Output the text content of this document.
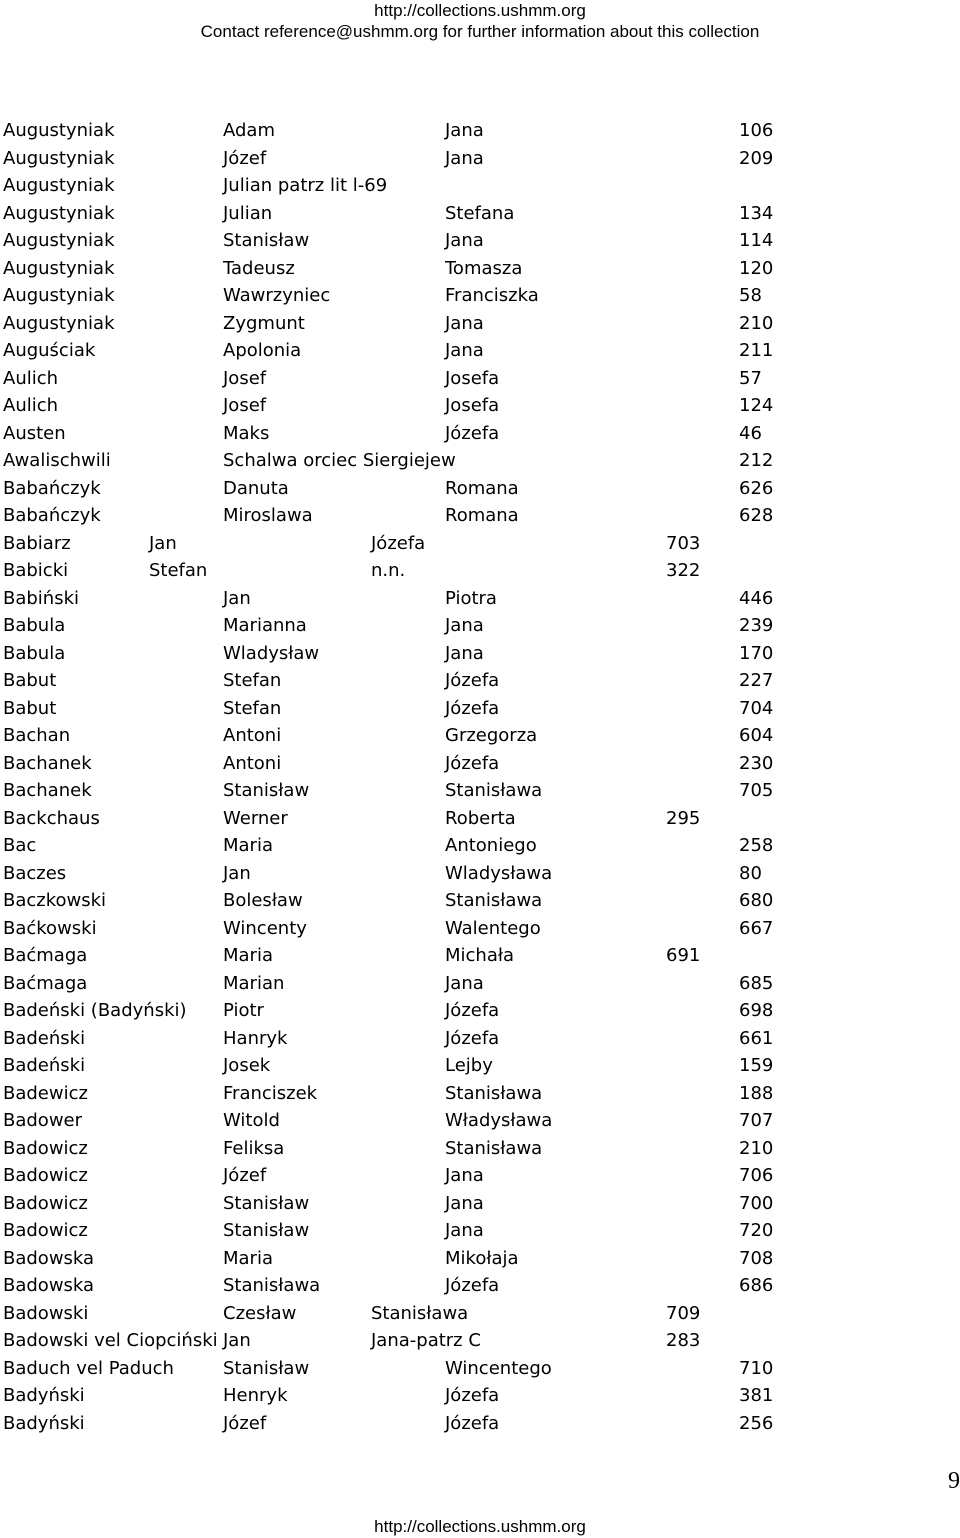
http://collections.ushmm.org
Contact reference@ushmm.org for further information about this collection
Augustyniak	Adam	Jana	106
Augustyniak	Józef	Jana	209
Augustyniak	Julian patrz lit l-69
Augustyniak	Julian	Stefana	134
Augustyniak	Stanisław	Jana	114
Augustyniak	Tadeusz	Tomasza	120
Augustyniak	Wawrzyniec	Franciszka	58
Augustyniak	Zygmunt	Jana	210
Auguściak	Apolonia	Jana	211
Aulich	Josef	Josefa	57
Aulich	Josef	Josefa	124
Austen	Maks	Józefa	46
Awalischwili	Schalwa orciec Siergiejew	212
Babańczyk	Danuta	Romana	626
Babańczyk	Miroslawa	Romana	628
Babiarz	Jan	Józefa	703
Babicki	Stefan	n.n.	322
Babiński	Jan	Piotra	446
Babula	Marianna	Jana	239
Babula	Wladysław	Jana	170
Babut	Stefan	Józefa	227
Babut	Stefan	Józefa	704
Bachan	Antoni	Grzegorza	604
Bachanek	Antoni	Józefa	230
Bachanek	Stanisław	Stanisława	705
Backchaus	Werner	Roberta	295
Bac	Maria	Antoniego	258
Baczes	Jan	Wladysława	80
Baczkowski	Bolesław	Stanisława	680
Baćkowski	Wincenty	Walentego	667
Baćmaga	Maria	Michała	691
Baćmaga	Marian	Jana	685
Badeński (Badyński) Piotr	Józefa	698
Badeński	Hanryk	Józefa	661
Badeński	Josek	Lejby	159
Badewicz	Franciszek	Stanisława	188
Badower	Witold	Władysława	707
Badowicz	Feliksa	Stanisława	210
Badowicz	Józef	Jana	706
Badowicz	Stanisław	Jana	700
Badowicz	Stanisław	Jana	720
Badowska	Maria	Mikołaja	708
Badowska	Stanisława	Józefa	686
Badowski	Czesław	Stanisława	709
Badowski vel Ciopciński Jan	Jana-patrz C	283
Baduch vel Paduch	Stanisław	Wincentego	710
Badyński	Henryk	Józefa	381
Badyński	Józef	Józefa	256
9
http://collections.ushmm.org
